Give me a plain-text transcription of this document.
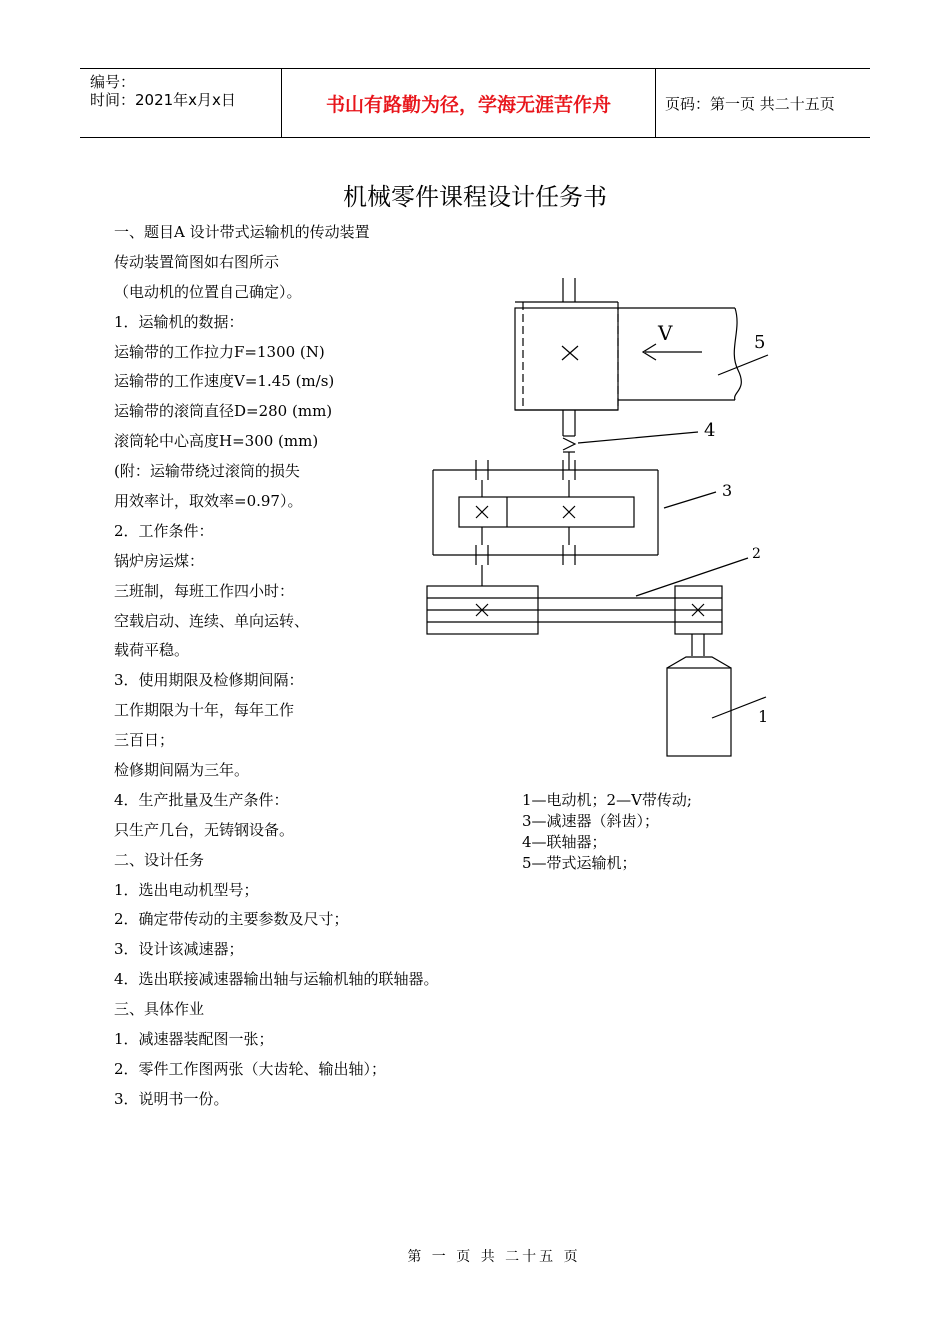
编号：
时间：2021年x月x日	书山有路勤为径，学海无涯苦作舟	页码：第一页 共二十五页
机械零件课程设计任务书
一、题目A 设计带式运输机的传动装置
传动装置简图如右图所示
（电动机的位置自己确定）。
1．运输机的数据：
运输带的工作拉力F=1300 (N)
运输带的工作速度V=1.45 (m/s)
运输带的滚筒直径D=280 (mm)
滚筒轮中心高度H=300 (mm)
(附：运输带绕过滚筒的损失
用效率计，取效率=0.97）。
2．工作条件：
锅炉房运煤：
三班制，每班工作四小时：
空载启动、连续、单向运转、
载荷平稳。
3．使用期限及检修期间隔：
工作期限为十年，每年工作
三百日；
检修期间隔为三年。
4．生产批量及生产条件：
只生产几台，无铸钢设备。
二、设计任务
1．选出电动机型号；
2．确定带传动的主要参数及尺寸；
3．设计该减速器；
4．选出联接减速器输出轴与运输机轴的联轴器。
三、具体作业
1．减速器装配图一张；
2．零件工作图两张（大齿轮、输出轴）；
3．说明书一份。
V	5
4
3
2
1
1—电动机；2—V带传动;
3—减速器（斜齿）；
4—联轴器；
5—带式运输机；
第 一 页 共 二十五 页
